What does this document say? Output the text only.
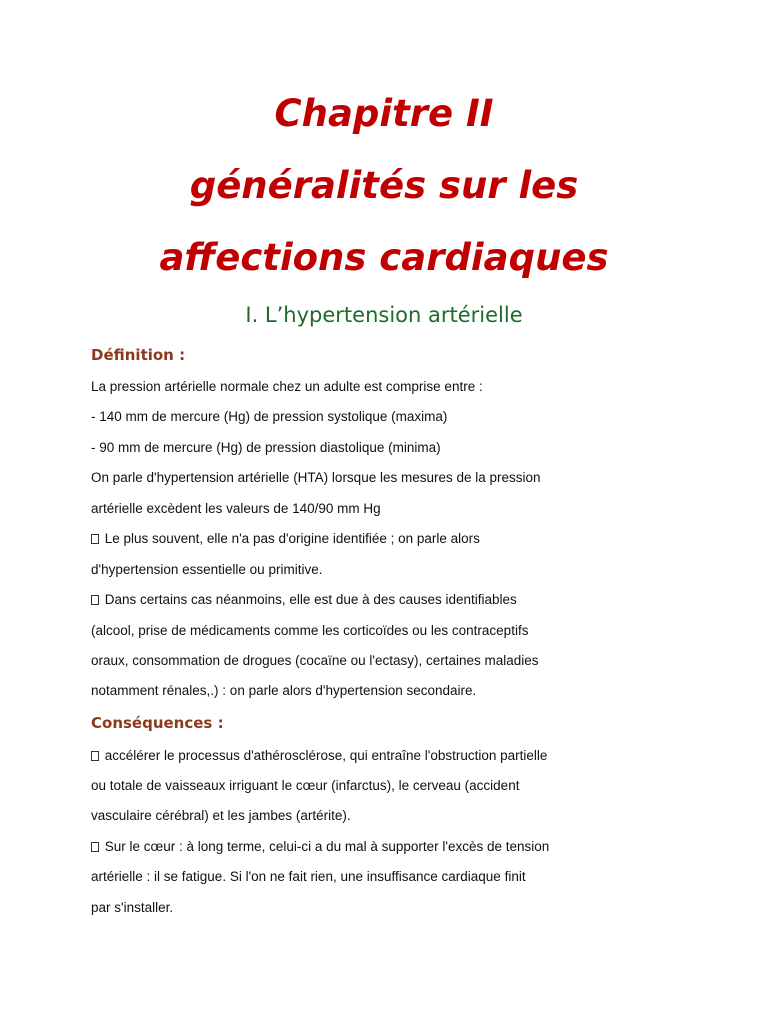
Chapitre II
généralités sur les
affections cardiaques
I. L’hypertension artérielle
Définition :
La pression artérielle normale chez un adulte est comprise entre :
- 140 mm de mercure (Hg) de pression systolique (maxima)
- 90 mm de mercure (Hg) de pression diastolique (minima)
On parle d'hypertension artérielle (HTA) lorsque les mesures de la pression
artérielle excèdent les valeurs de 140/90 mm Hg
Le plus souvent, elle n'a pas d'origine identifiée ; on parle alors
d'hypertension essentielle ou primitive.
Dans certains cas néanmoins, elle est due à des causes identifiables
(alcool, prise de médicaments comme les corticoïdes ou les contraceptifs
oraux, consommation de drogues (cocaïne ou l'ectasy), certaines maladies
notamment rénales,.) : on parle alors d'hypertension secondaire.
Conséquences :
accélérer le processus d'athérosclérose, qui entraîne l'obstruction partielle
ou totale de vaisseaux irriguant le cœur (infarctus), le cerveau (accident
vasculaire cérébral) et les jambes (artérite).
Sur le cœur : à long terme, celui-ci a du mal à supporter l'excès de tension
artérielle : il se fatigue. Si l'on ne fait rien, une insuffisance cardiaque finit
par s'installer.
